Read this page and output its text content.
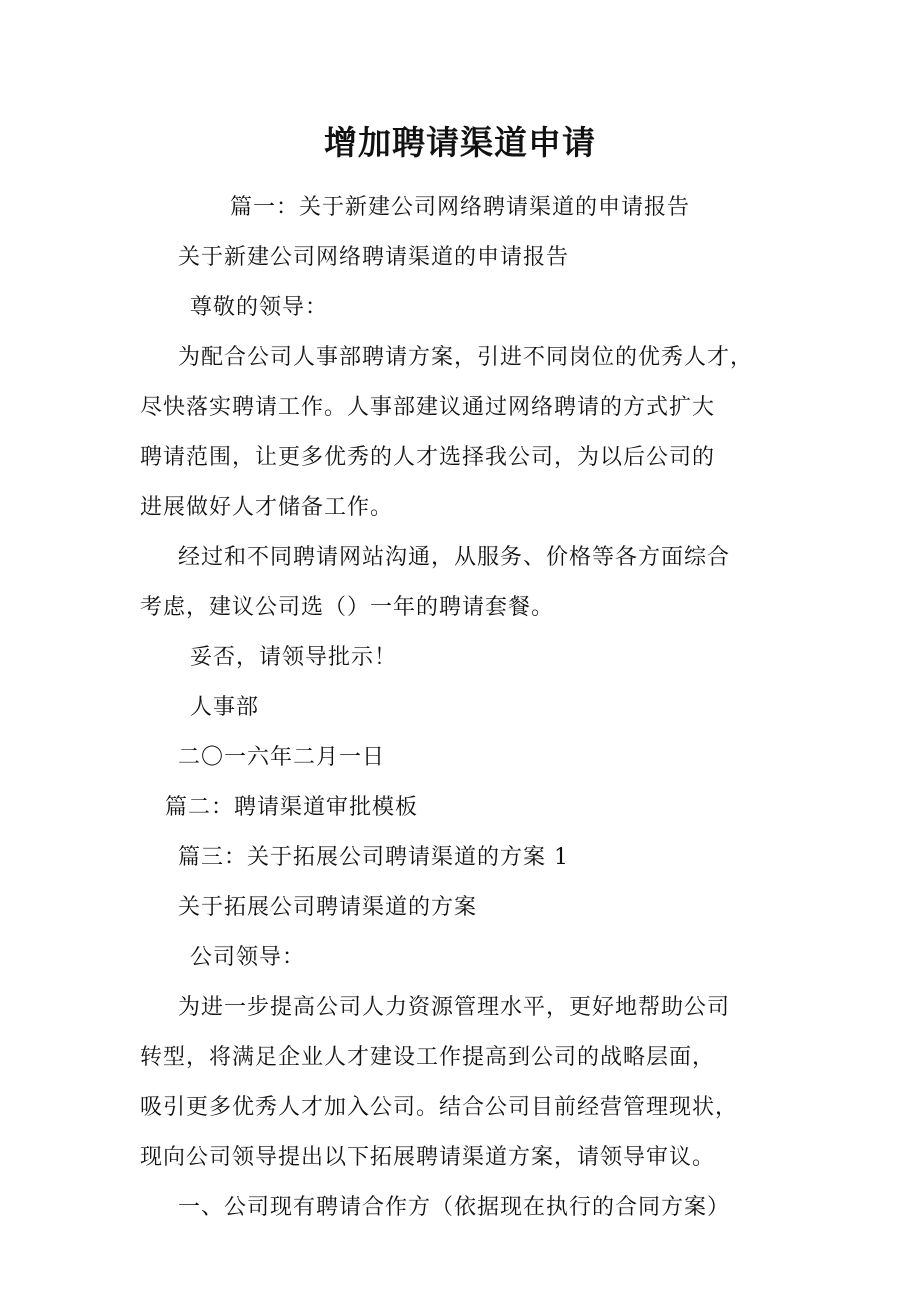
增加聘请渠道申请
篇一：关于新建公司网络聘请渠道的申请报告
关于新建公司网络聘请渠道的申请报告
尊敬的领导：
为配合公司人事部聘请方案，引进不同岗位的优秀人才，
尽快落实聘请工作。人事部建议通过网络聘请的方式扩大
聘请范围，让更多优秀的人才选择我公司，为以后公司的
进展做好人才储备工作。
经过和不同聘请网站沟通，从服务、价格等各方面综合
考虑，建议公司选（）一年的聘请套餐。
妥否，请领导批示！
人事部
二〇一六年二月一日
篇二：聘请渠道审批模板
篇三：关于拓展公司聘请渠道的方案 1
关于拓展公司聘请渠道的方案
公司领导：
为进一步提高公司人力资源管理水平，更好地帮助公司
转型，将满足企业人才建设工作提高到公司的战略层面，
吸引更多优秀人才加入公司。结合公司目前经营管理现状，
现向公司领导提出以下拓展聘请渠道方案，请领导审议。
一、公司现有聘请合作方（依据现在执行的合同方案）
